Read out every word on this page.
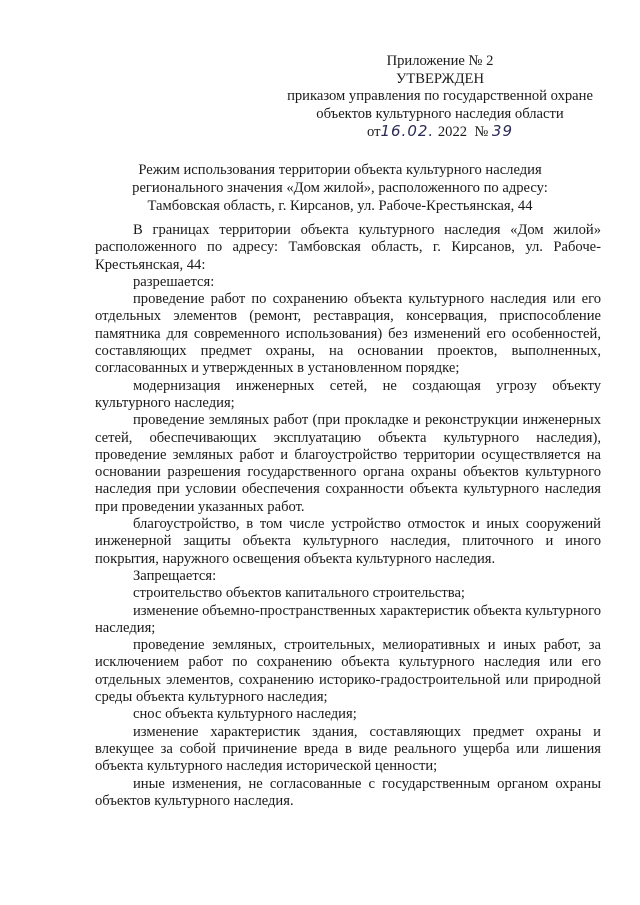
Приложение № 2
УТВЕРЖДЕН
приказом управления по государственной охране
объектов культурного наследия области
от16.02. 2022 № 39
Режим использования территории объекта культурного наследия
регионального значения «Дом жилой», расположенного по адресу:
Тамбовская область, г. Кирсанов, ул. Рабоче-Крестьянская, 44

В границах территории объекта культурного наследия «Дом жилой» расположенного по адресу: Тамбовская область, г. Кирсанов, ул. Рабоче-Крестьянская, 44:

разрешается:

проведение работ по сохранению объекта культурного наследия или его отдельных элементов (ремонт, реставрация, консервация, приспособление памятника для современного использования) без изменений его особенностей, составляющих предмет охраны, на основании проектов, выполненных, согласованных и утвержденных в установленном порядке;

модернизация инженерных сетей, не создающая угрозу объекту культурного наследия;

проведение земляных работ (при прокладке и реконструкции инженерных сетей, обеспечивающих эксплуатацию объекта культурного наследия), проведение земляных работ и благоустройство территории осуществляется на основании разрешения государственного органа охраны объектов культурного наследия при условии обеспечения сохранности объекта культурного наследия при проведении указанных работ.

благоустройство, в том числе устройство отмосток и иных сооружений инженерной защиты объекта культурного наследия, плиточного и иного покрытия, наружного освещения объекта культурного наследия.

Запрещается:

строительство объектов капитального строительства;

изменение объемно-пространственных характеристик объекта культурного наследия;

проведение земляных, строительных, мелиоративных и иных работ, за исключением работ по сохранению объекта культурного наследия или его отдельных элементов, сохранению историко-градостроительной или природной среды объекта культурного наследия;

снос объекта культурного наследия;

изменение характеристик здания, составляющих предмет охраны и влекущее за собой причинение вреда в виде реального ущерба или лишения объекта культурного наследия исторической ценности;

иные изменения, не согласованные с государственным органом охраны объектов культурного наследия.
